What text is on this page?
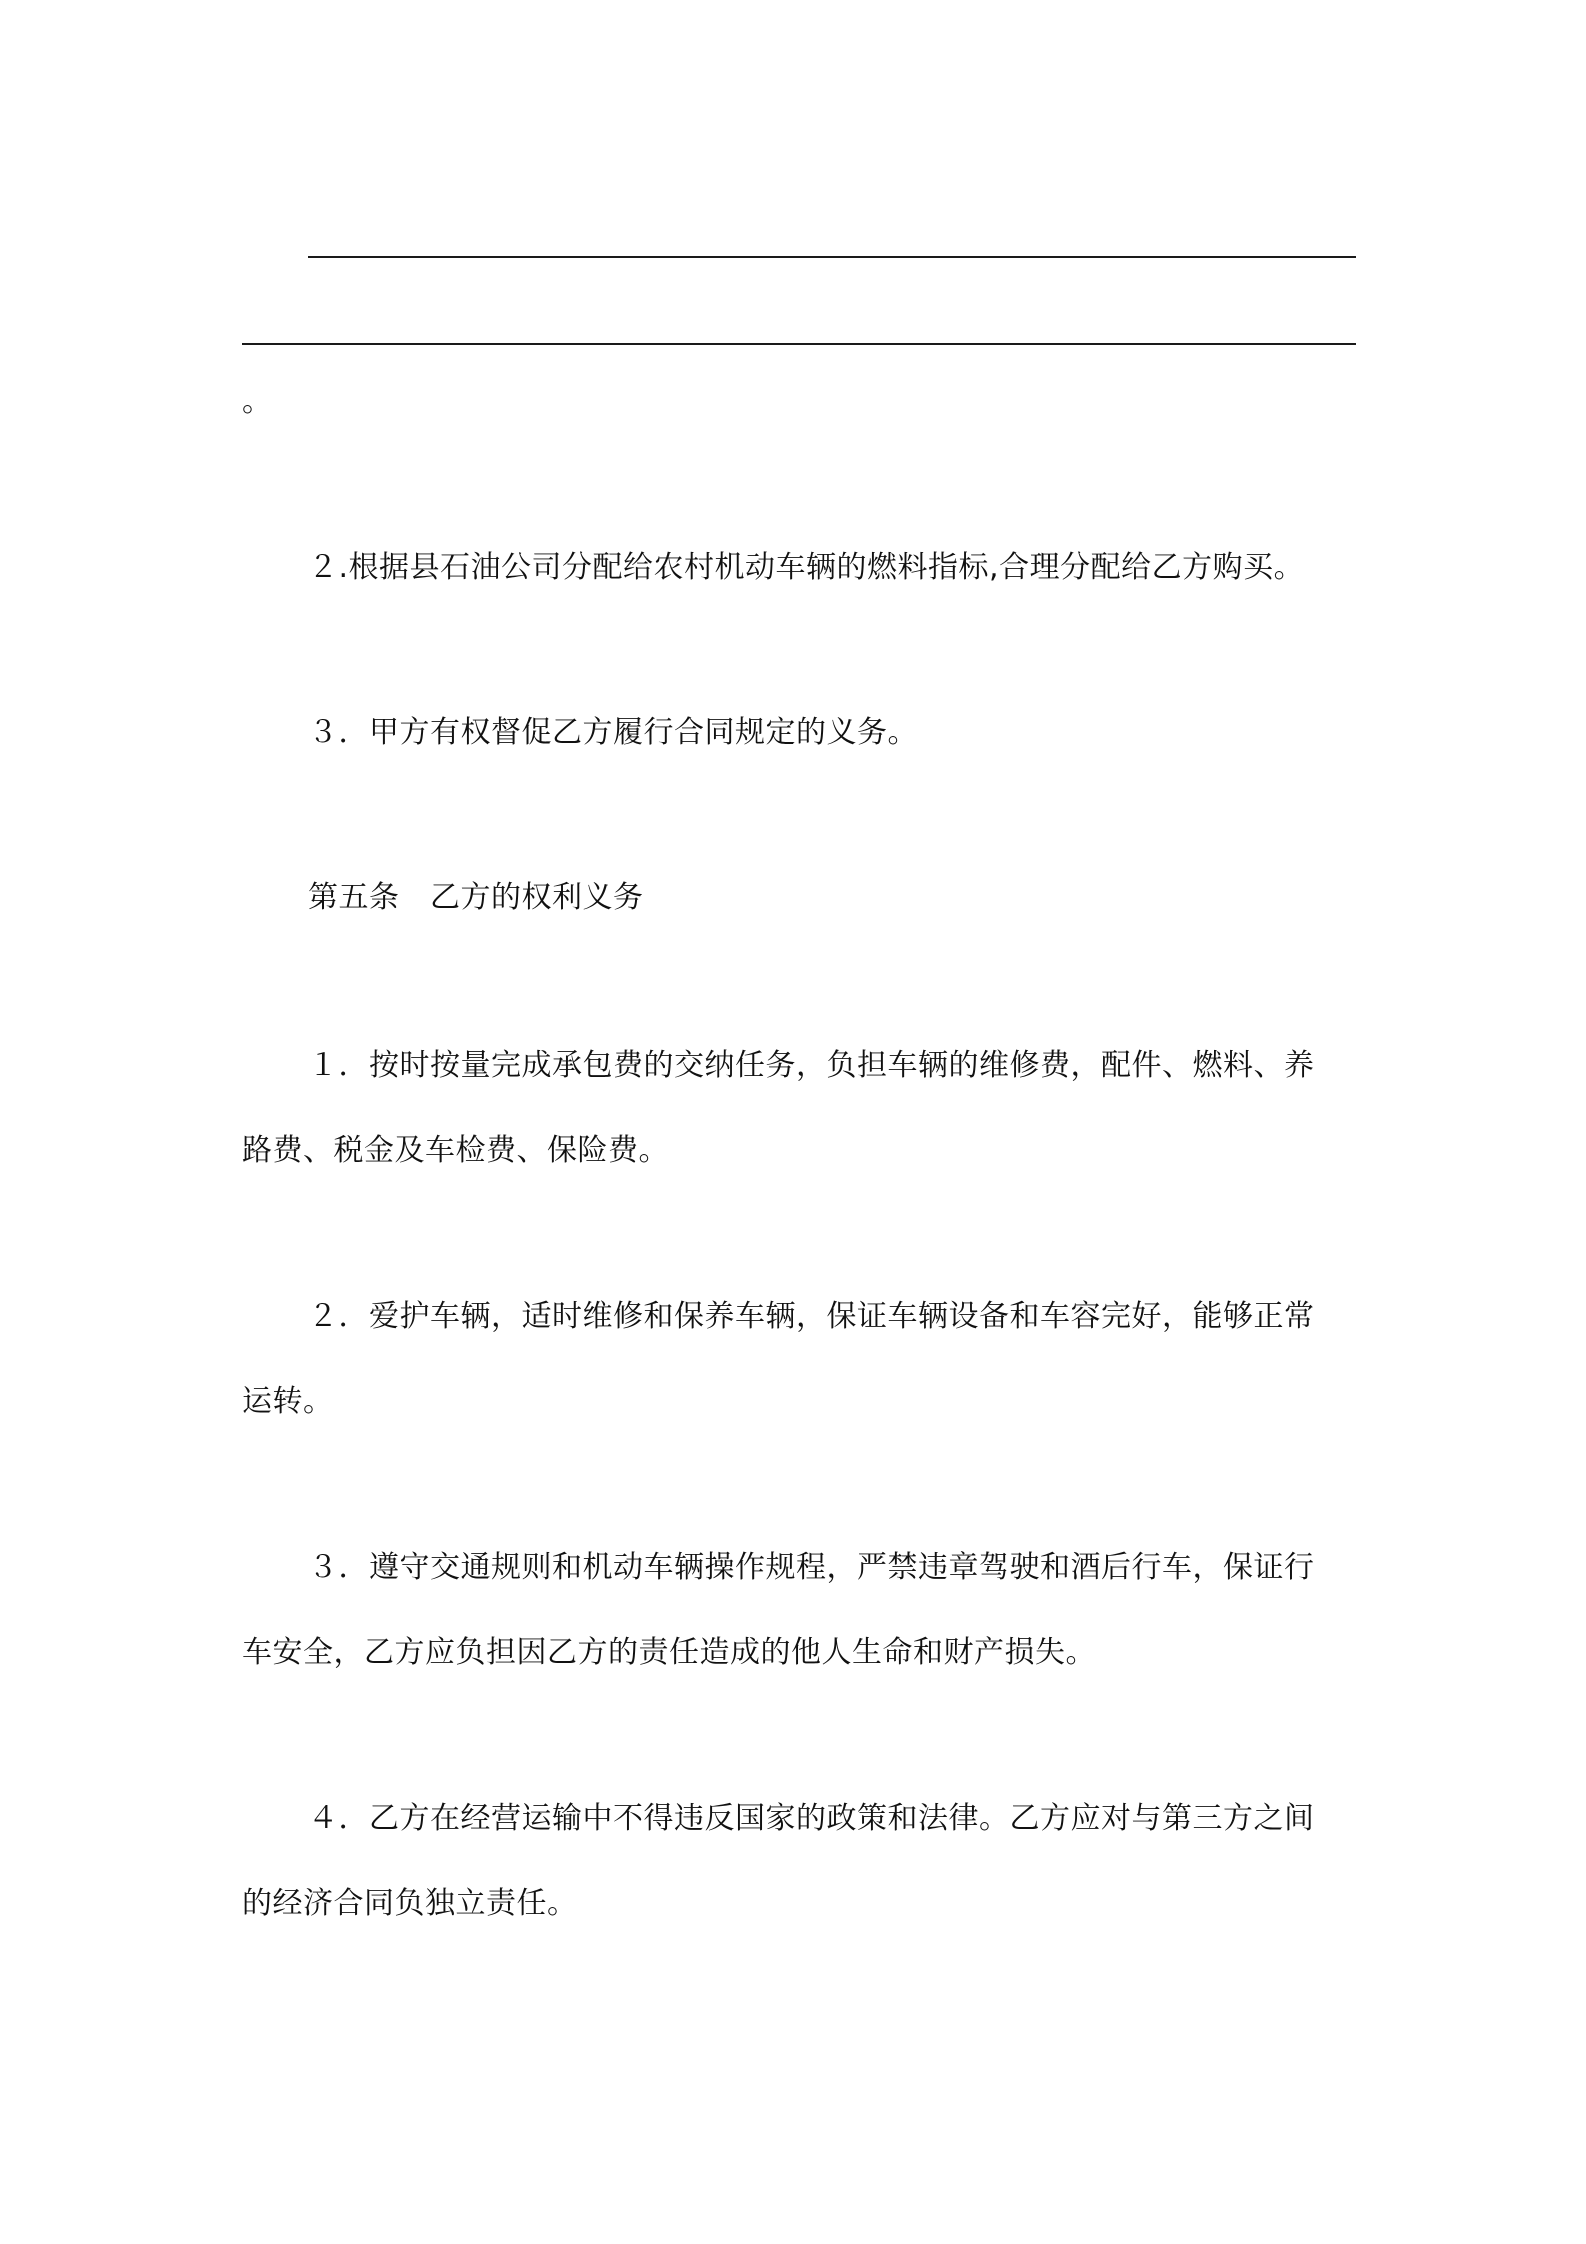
。
２.根据县石油公司分配给农村机动车辆的燃料指标,合理分配给乙方购买。
３．甲方有权督促乙方履行合同规定的义务。
第五条　乙方的权利义务
１．按时按量完成承包费的交纳任务，负担车辆的维修费，配件、燃料、养
路费、税金及车检费、保险费。
２．爱护车辆，适时维修和保养车辆，保证车辆设备和车容完好，能够正常
运转。
３．遵守交通规则和机动车辆操作规程，严禁违章驾驶和酒后行车，保证行
车安全，乙方应负担因乙方的责任造成的他人生命和财产损失。
４．乙方在经营运输中不得违反国家的政策和法律。乙方应对与第三方之间
的经济合同负独立责任。
